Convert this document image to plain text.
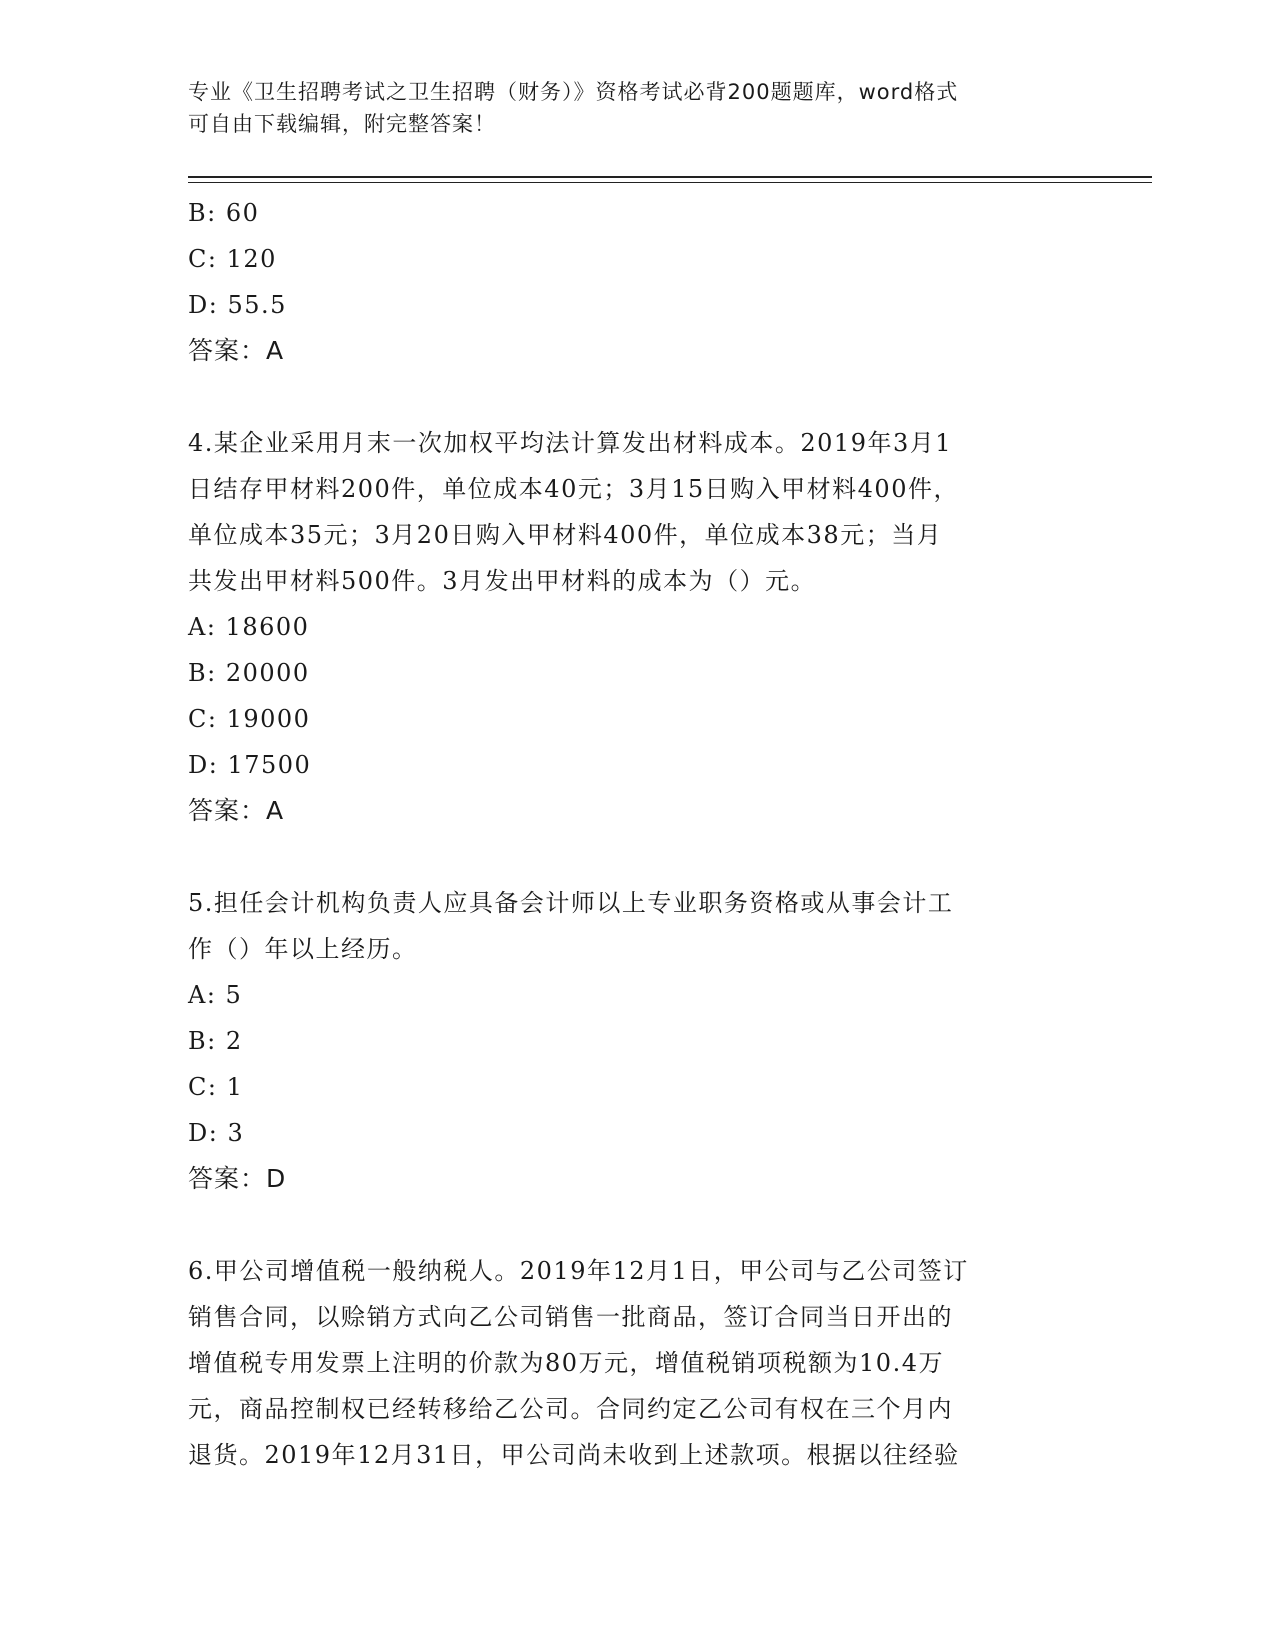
专业《卫生招聘考试之卫生招聘（财务）》资格考试必背200题题库，word格式
可自由下载编辑，附完整答案！
B: 60
C: 120
D: 55.5
答案：A
4.某企业采用月末一次加权平均法计算发出材料成本。2019年3月1
日结存甲材料200件，单位成本40元；3月15日购入甲材料400件，
单位成本35元；3月20日购入甲材料400件，单位成本38元；当月
共发出甲材料500件。3月发出甲材料的成本为（）元。
A: 18600
B: 20000
C: 19000
D: 17500
答案：A
5.担任会计机构负责人应具备会计师以上专业职务资格或从事会计工
作（）年以上经历。
A: 5
B: 2
C: 1
D: 3
答案：D
6.甲公司增值税一般纳税人。2019年12月1日，甲公司与乙公司签订
销售合同，以赊销方式向乙公司销售一批商品，签订合同当日开出的
增值税专用发票上注明的价款为80万元，增值税销项税额为10.4万
元，商品控制权已经转移给乙公司。合同约定乙公司有权在三个月内
退货。2019年12月31日，甲公司尚未收到上述款项。根据以往经验
